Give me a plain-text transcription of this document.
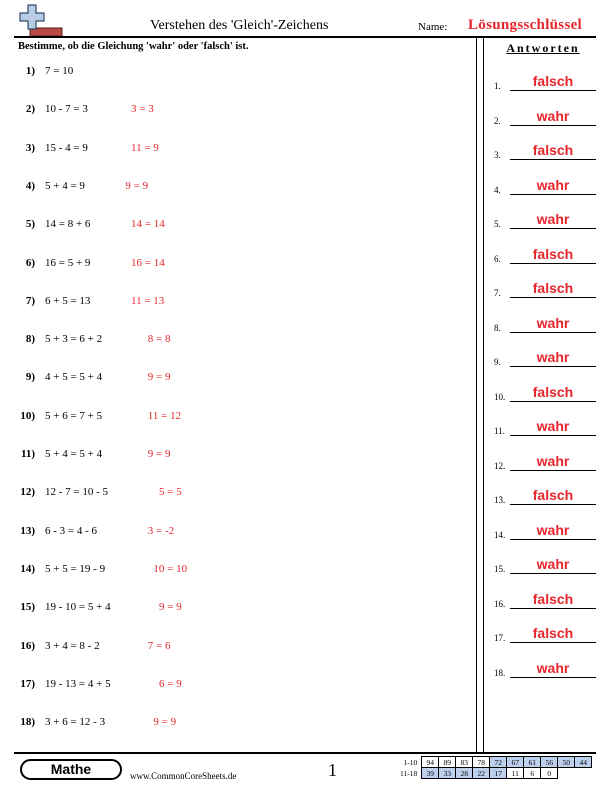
Verstehen des 'Gleich'-Zeichens	Name: Lösungsschlüssel
Bestimme, ob die Gleichung 'wahr' oder 'falsch' ist.	Antworten
1) 7 = 10
2) 10 - 7 = 3	3 = 3
3) 15 - 4 = 9	11 = 9
4) 5 + 4 = 9	9 = 9
5) 14 = 8 + 6	14 = 14
6) 16 = 5 + 9	16 = 14
7) 6 + 5 = 13	11 = 13
8) 5 + 3 = 6 + 2	8 = 8
9) 4 + 5 = 5 + 4	9 = 9
10) 5 + 6 = 7 + 5	11 = 12
11) 5 + 4 = 5 + 4	9 = 9
12) 12 - 7 = 10 - 5	5 = 5
13) 6 - 3 = 4 - 6	3 = -2
14) 5 + 5 = 19 - 9	10 = 10
15) 19 - 10 = 5 + 4	9 = 9
16) 3 + 4 = 8 - 2	7 = 6
17) 19 - 13 = 4 + 5	6 = 9
18) 3 + 6 = 12 - 3	9 = 9
1.	falsch
2.	wahr
3.	falsch
4.	wahr
5.	wahr
6.	falsch
7.	falsch
8.	wahr
9.	wahr
10.	falsch
11.	wahr
12.	wahr
13.	falsch
14.	wahr
15.	wahr
16.	falsch
17.	falsch
18.	wahr
Mathe	www.CommonCoreSheets.de	1	1-10	94	89	83	78	72	67	61	56	50	44
11-18	39	33	28	22	17	11	6	0		
